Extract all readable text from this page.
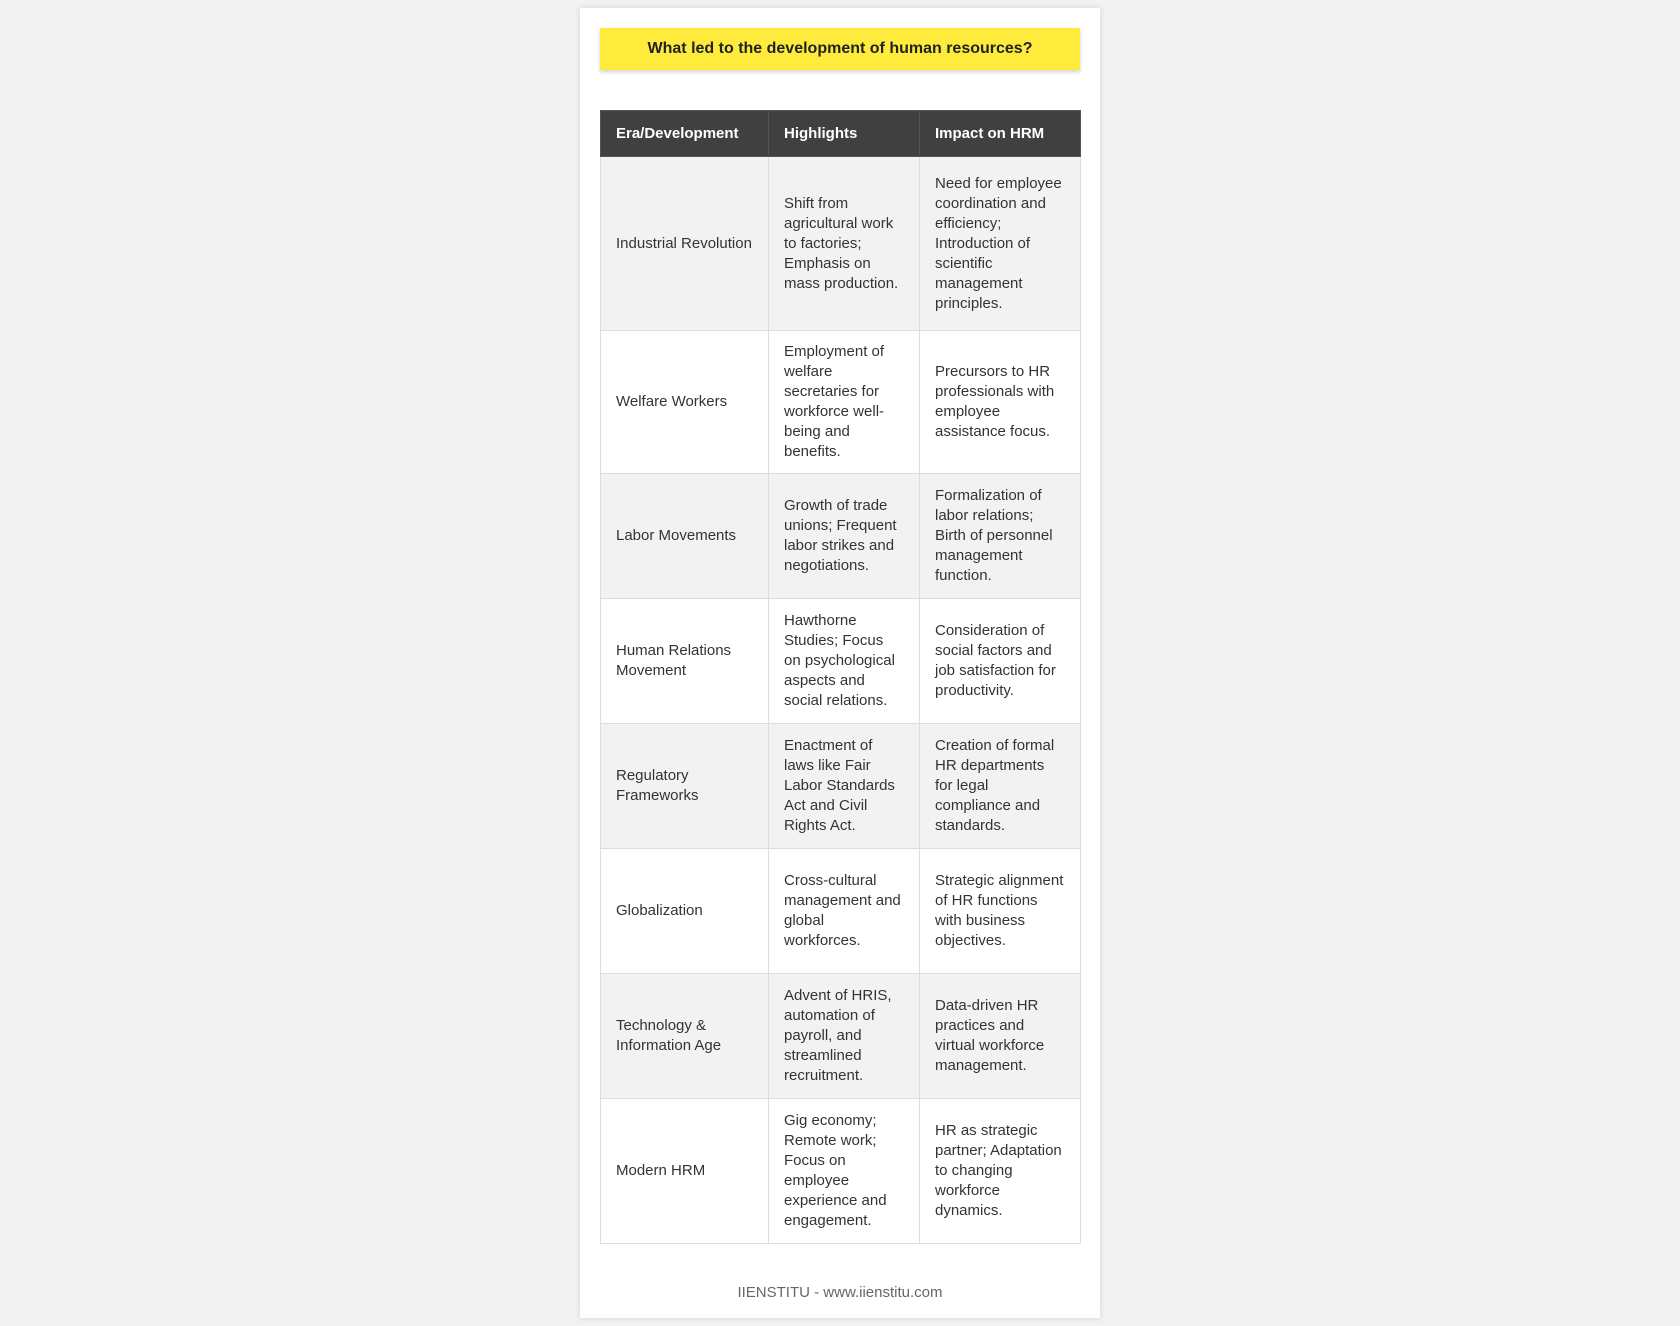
What led to the development of human resources?
Era/Development	Highlights	Impact on HRM
Industrial Revolution	Shift from agricultural work to factories; Emphasis on mass production.	Need for employee coordination and efficiency; Introduction of scientific management principles.
Welfare Workers	Employment of welfare secretaries for workforce well-being and benefits.	Precursors to HR professionals with employee assistance focus.
Labor Movements	Growth of trade unions; Frequent labor strikes and negotiations.	Formalization of labor relations; Birth of personnel management function.
Human Relations Movement	Hawthorne Studies; Focus on psychological aspects and social relations.	Consideration of social factors and job satisfaction for productivity.
Regulatory Frameworks	Enactment of laws like Fair Labor Standards Act and Civil Rights Act.	Creation of formal HR departments for legal compliance and standards.
Globalization	Cross-cultural management and global workforces.	Strategic alignment of HR functions with business objectives.
Technology & Information Age	Advent of HRIS, automation of payroll, and streamlined recruitment.	Data-driven HR practices and virtual workforce management.
Modern HRM	Gig economy; Remote work; Focus on employee experience and engagement.	HR as strategic partner; Adaptation to changing workforce dynamics.
IIENSTITU - www.iienstitu.com
